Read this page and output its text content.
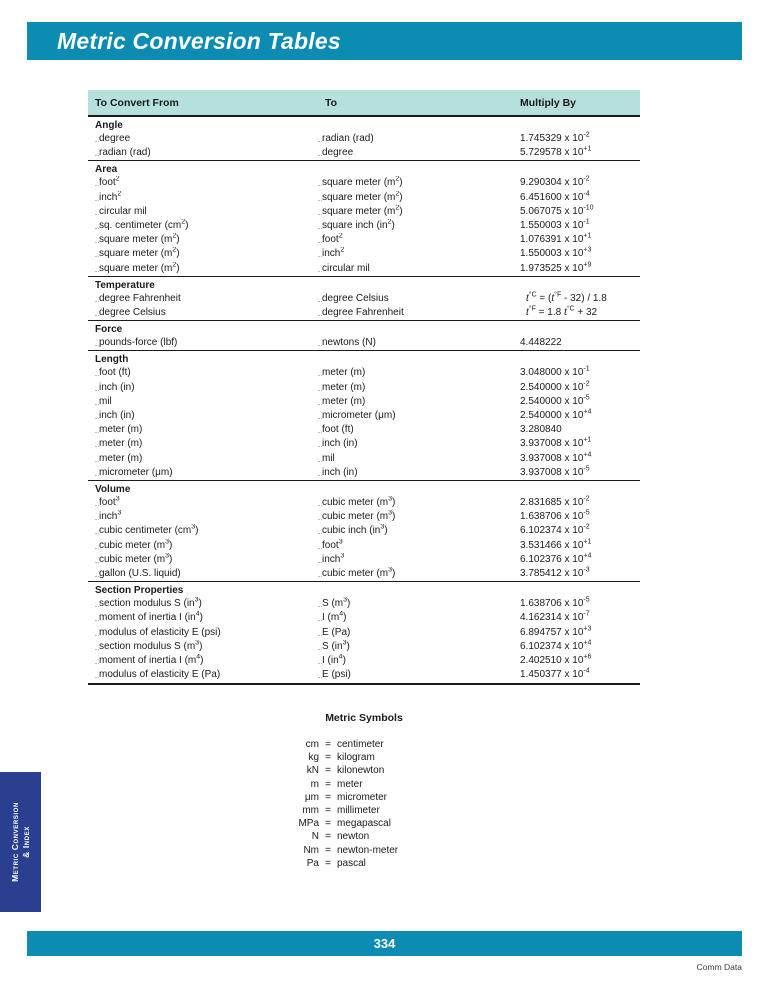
Metric Conversion Tables
Metric Conversion & Index
To Convert From	To	Multiply By
Angle
degree	radian (rad)	1.745329 x $10^{-2}$
radian (rad)	degree	5.729578 x $10^{+1}$
Area
foot$^2$	square meter $(m^2)$	9.290304 x $10^{-2}$
inch$^2$	square meter $(m^2)$	6.451600 x $10^{-4}$
circular mil	square meter $(m^2)$	5.067075 x $10^{-10}$
sq. centimeter $(cm^2)$	square inch $(in^2)$	1.550003 x $10^{-1}$
square meter $(m^2)$	foot$^2$	1.076391 x $10^{+1}$
square meter $(m^2)$	inch$^2$	1.550003 x $10^{+3}$
square meter $(m^2)$	circular mil	1.973525 x $10^{+9}$
Temperature
degree Fahrenheit	degree Celsius	$t^{^\circ C} = (t^{^\circ F} - 32) / 1.8$
degree Celsius	degree Fahrenheit	$t^{^\circ F} = 1.8$ $t^{^\circ C} + 32$
Force
pounds-force (lbf)	newtons (N)	4.448222
Length
foot (ft)	meter (m)	3.048000 x $10^{-1}$
inch (in)	meter (m)	2.540000 x $10^{-2}$
mil	meter (m)	2.540000 x $10^{-5}$
inch (in)	micrometer (μm)	2.540000 x $10^{+4}$
meter (m)	foot (ft)	3.280840
meter (m)	inch (in)	3.937008 x $10^{+1}$
meter (m)	mil	3.937008 x $10^{+4}$
micrometer (μm)	inch (in)	3.937008 x $10^{-5}$
Volume
foot$^3$	cubic meter $(m^3)$	2.831685 x $10^{-2}$
inch$^3$	cubic meter $(m^3)$	1.638706 x $10^{-5}$
cubic centimeter $(cm^3)$	cubic inch $(in^3)$	6.102374 x $10^{-2}$
cubic meter $(m^3)$	foot$^3$	3.531466 x $10^{+1}$
cubic meter $(m^3)$	inch$^3$	6.102376 x $10^{+4}$
gallon (U.S. liquid)	cubic meter $(m^3)$	3.785412 x $10^{-3}$
Section Properties
section modulus S $(in^3)$	S $(m^3)$	1.638706 x $10^{-5}$
moment of inertia I $(in^4)$	I $(m^4)$	4.162314 x $10^{-7}$
modulus of elasticity E (psi)	E (Pa)	6.894757 x $10^{+3}$
section modulus S $(m^3)$	S $(in^3)$	6.102374 x $10^{+4}$
moment of inertia I $(m^4)$	I $(in^4)$	2.402510 x $10^{+6}$
modulus of elasticity E (Pa)	E (psi)	1.450377 x $10^{-4}$
Metric Symbols
cm = centimeter
kg = kilogram
kN = kilonewton
m = meter
μm = micrometer
mm = millimeter
MPa = megapascal
N = newton
Nm = newton-meter
Pa = pascal
334
Comm Data
